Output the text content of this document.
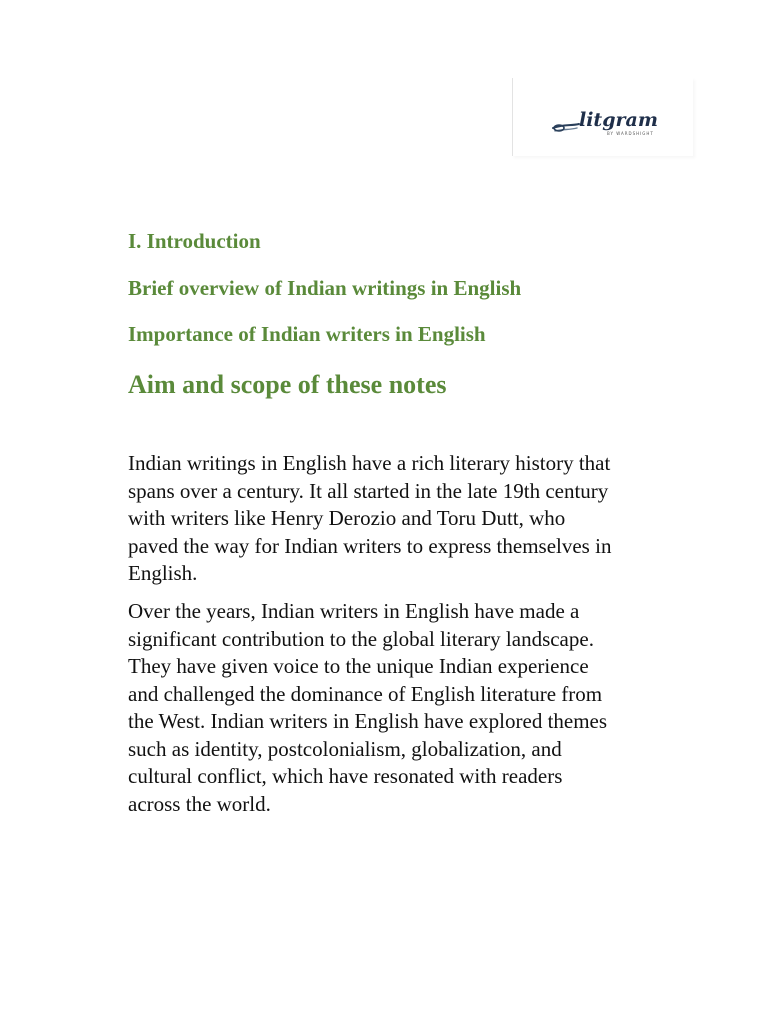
litgram
BY WARDSHIGHT
I. Introduction
Brief overview of Indian writings in English
Importance of Indian writers in English
Aim and scope of these notes

Indian writings in English have a rich literary history that spans over a century. It all started in the late 19th century with writers like Henry Derozio and Toru Dutt, who paved the way for Indian writers to express themselves in English.

Over the years, Indian writers in English have made a significant contribution to the global literary landscape. They have given voice to the unique Indian experience and challenged the dominance of English literature from the West. Indian writers in English have explored themes such as identity, postcolonialism, globalization, and cultural conflict, which have resonated with readers across the world.
